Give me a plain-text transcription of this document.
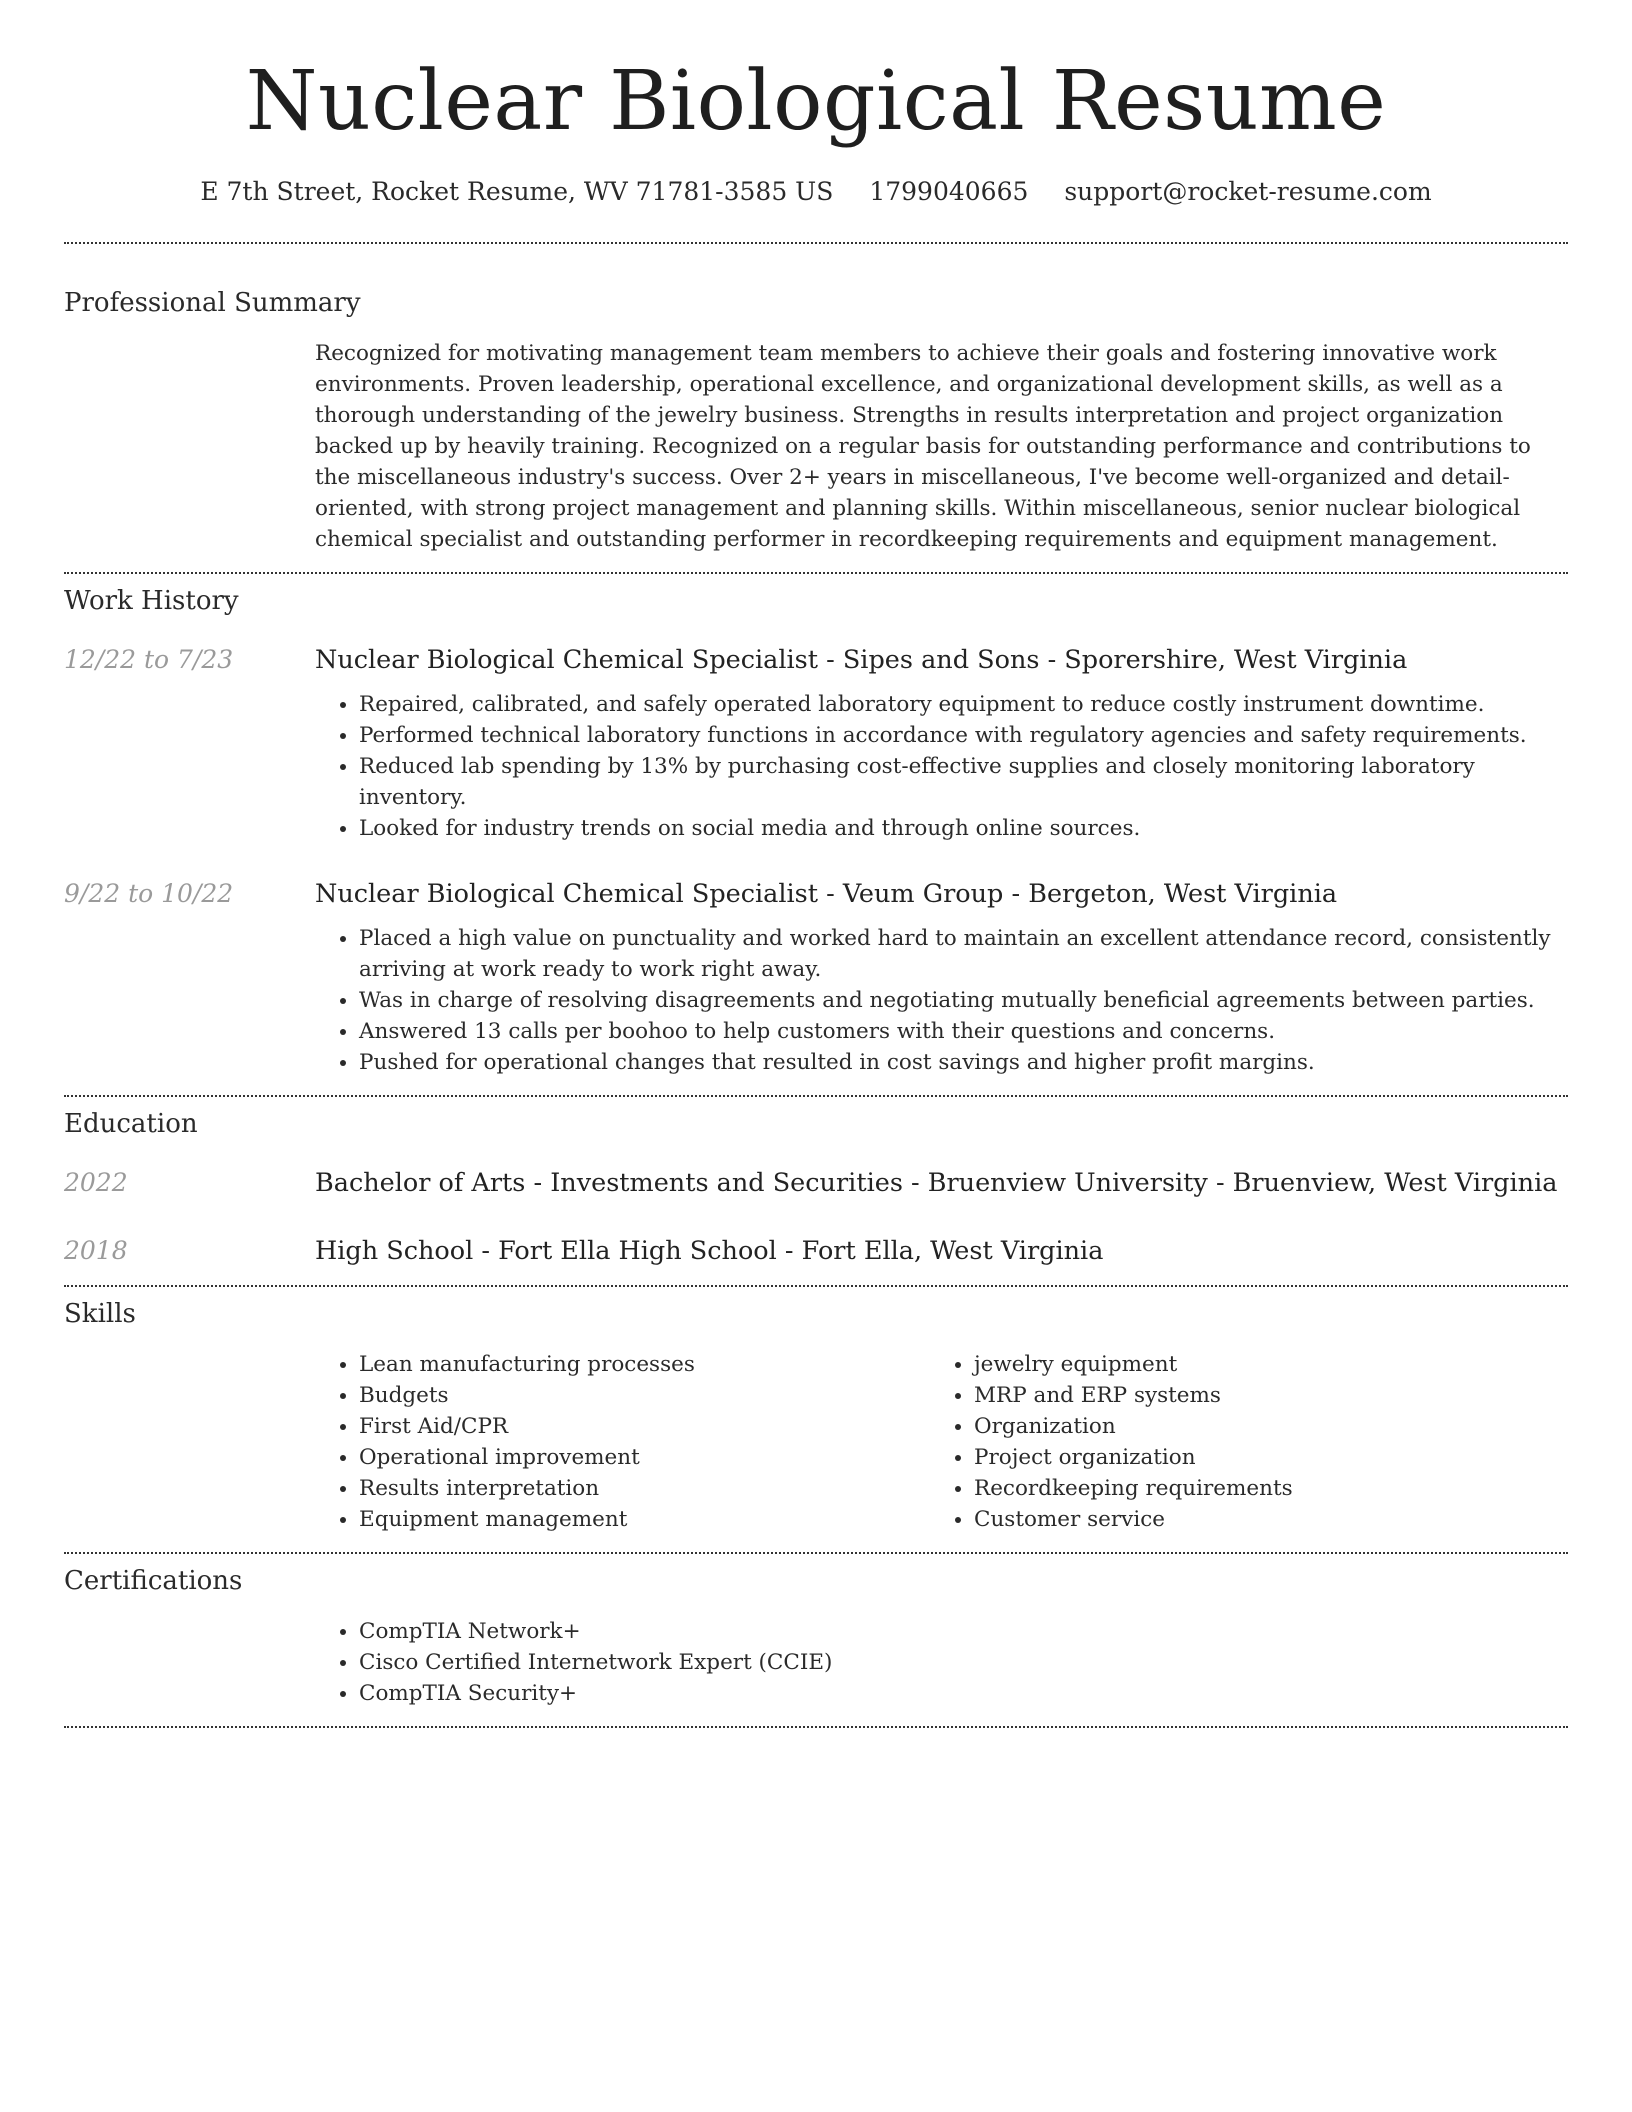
Nuclear Biological Resume
E 7th Street, Rocket Resume, WV 71781-3585 US 1799040665 support@rocket-resume.com
Professional Summary

Recognized for motivating management team members to achieve their goals and fostering innovative work environments. Proven leadership, operational excellence, and organizational development skills, as well as a thorough understanding of the jewelry business. Strengths in results interpretation and project organization backed up by heavily training. Recognized on a regular basis for outstanding performance and contributions to the miscellaneous industry's success. Over 2+ years in miscellaneous, I've become well-organized and detail-oriented, with strong project management and planning skills. Within miscellaneous, senior nuclear biological chemical specialist and outstanding performer in recordkeeping requirements and equipment management.

Work History
12/22 to 7/23	Nuclear Biological Chemical Specialist - Sipes and Sons - Sporershire, West Virginia
• Repaired, calibrated, and safely operated laboratory equipment to reduce costly instrument downtime.
• Performed technical laboratory functions in accordance with regulatory agencies and safety requirements.
• Reduced lab spending by 13% by purchasing cost-effective supplies and closely monitoring laboratory inventory.
• Looked for industry trends on social media and through online sources.
9/22 to 10/22	Nuclear Biological Chemical Specialist - Veum Group - Bergeton, West Virginia
• Placed a high value on punctuality and worked hard to maintain an excellent attendance record, consistently arriving at work ready to work right away.
• Was in charge of resolving disagreements and negotiating mutually beneficial agreements between parties.
• Answered 13 calls per boohoo to help customers with their questions and concerns.
• Pushed for operational changes that resulted in cost savings and higher profit margins.
Education
2022	Bachelor of Arts - Investments and Securities - Bruenview University - Bruenview, West Virginia
2018	High School - Fort Ella High School - Fort Ella, West Virginia
Skills
• Lean manufacturing processes
• Budgets
• First Aid/CPR
• Operational improvement
• Results interpretation
• Equipment management
• jewelry equipment
• MRP and ERP systems
• Organization
• Project organization
• Recordkeeping requirements
• Customer service
Certifications
• CompTIA Network+
• Cisco Certified Internetwork Expert (CCIE)
• CompTIA Security+
